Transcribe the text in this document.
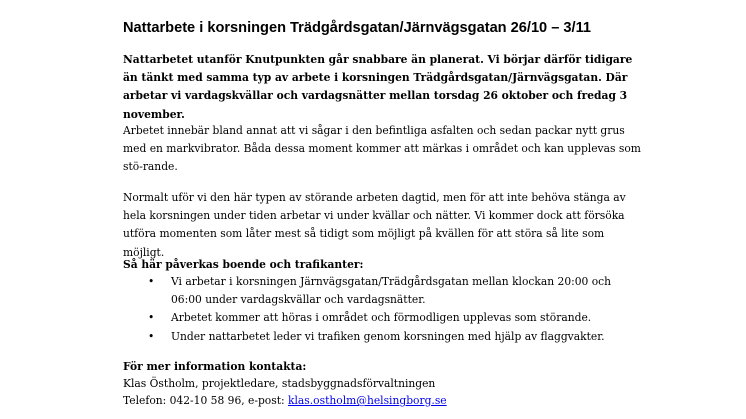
Nattarbete i korsningen Trädgårdsgatan/Järnvägsgatan 26/10 – 3/11
Nattarbetet utanför Knutpunkten går snabbare än planerat. Vi börjar därför tidigare än tänkt med samma typ av arbete i korsningen Trädgårdsgatan/Järnvägsgatan. Där arbetar vi vardagskvällar och vardagsnätter mellan torsdag 26 oktober och fredag 3 november.
Arbetet innebär bland annat att vi sågar i den befintliga asfalten och sedan packar nytt grus med en markvibrator. Båda dessa moment kommer att märkas i området och kan upplevas som stö-rande.
Normalt uför vi den här typen av störande arbeten dagtid, men för att inte behöva stänga av hela korsningen under tiden arbetar vi under kvällar och nätter. Vi kommer dock att försöka utföra momenten som låter mest så tidigt som möjligt på kvällen för att störa så lite som möjligt.
Så här påverkas boende och trafikanter:
• Vi arbetar i korsningen Järnvägsgatan/Trädgårdsgatan mellan klockan 20:00 och 06:00 under vardagskvällar och vardagsnätter.
• Arbetet kommer att höras i området och förmodligen upplevas som störande.
• Under nattarbetet leder vi trafiken genom korsningen med hjälp av flaggvakter.
För mer information kontakta:
Klas Östholm, projektledare, stadsbyggnadsförvaltningen
Telefon: 042-10 58 96, e-post: klas.ostholm@helsingborg.se
